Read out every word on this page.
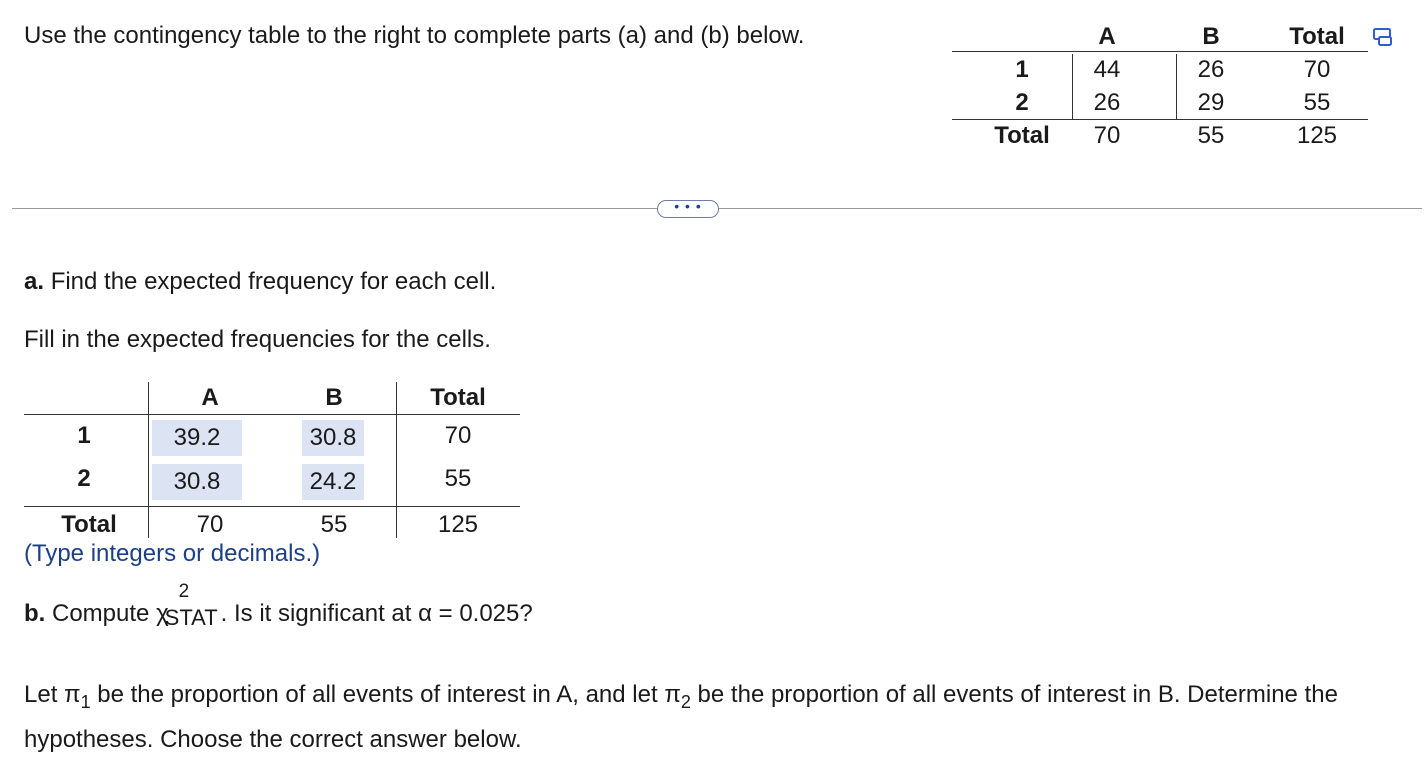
Use the contingency table to the right to complete parts (a) and (b) below.	A	B	Total
1	44	26	70
2	26	29	55
Total	70	55	125
• • •
a. Find the expected frequency for each cell.
Fill in the expected frequencies for the cells.
A	B	Total
1	39.2	30.8	70
2	30.8	24.2	55
Total	70	55	125
(Type integers or decimals.)
b. Compute χ
2
STAT . Is it significant at α = 0.025?
Let $\pi_1$ be the proportion of all events of interest in A, and let $\pi_2$ be the proportion of all events of interest in B. Determine the hypotheses. Choose the correct answer below.
